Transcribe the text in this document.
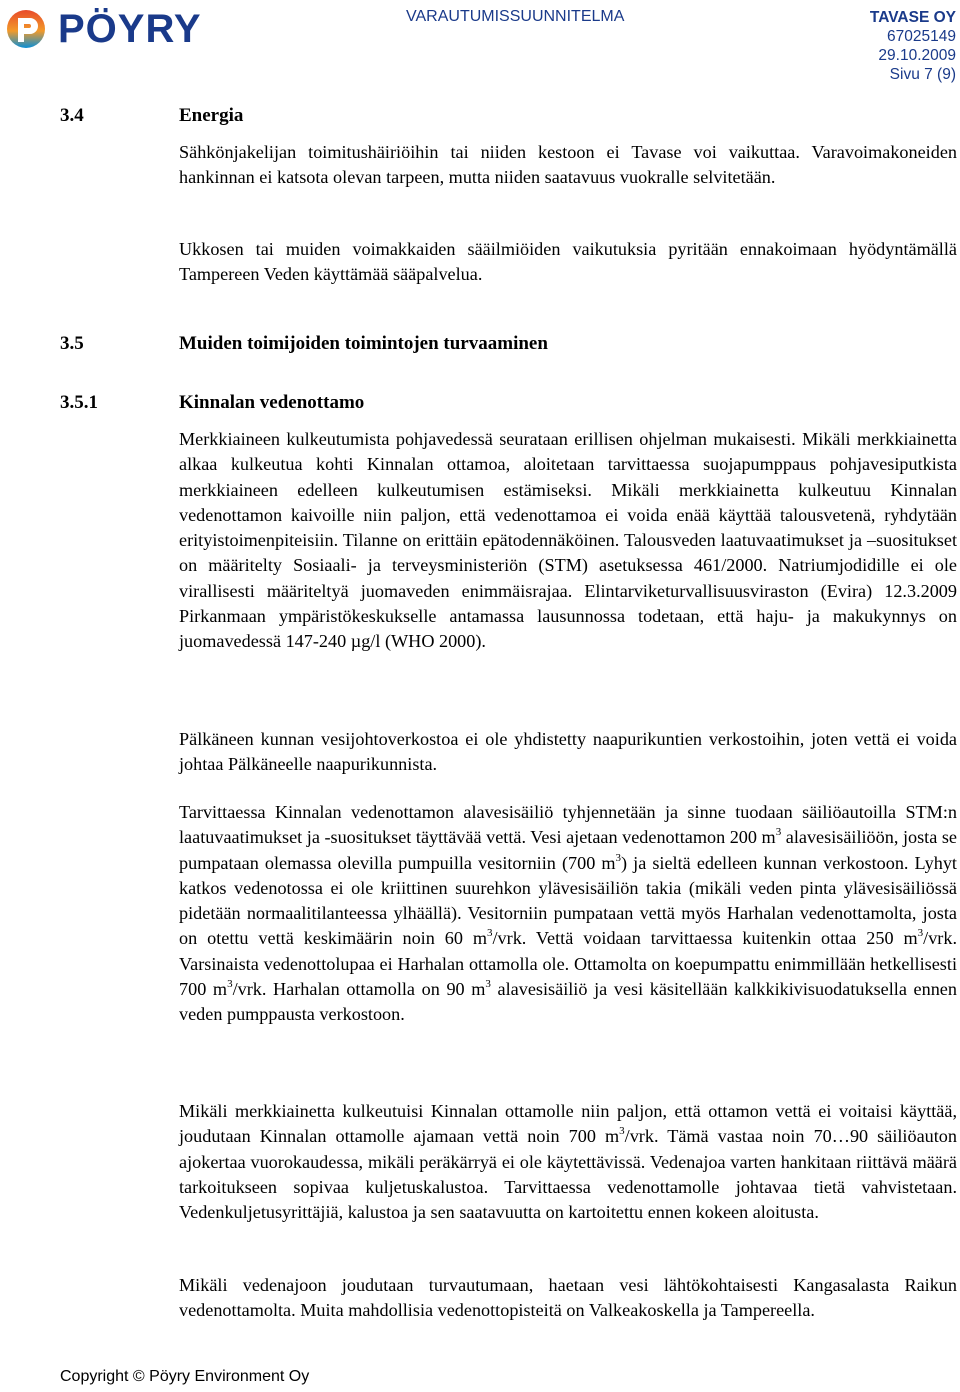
PÖYRY	VARAUTUMISSUUNNITELMA	TAVASE OY
67025149
29.10.2009
Sivu 7 (9)
3.4	Energia

Sähkönjakelijan toimitushäiriöihin tai niiden kestoon ei Tavase voi vaikuttaa. Varavoimakoneiden hankinnan ei katsota olevan tarpeen, mutta niiden saatavuus vuokralle selvitetään.

Ukkosen tai muiden voimakkaiden sääilmiöiden vaikutuksia pyritään ennakoimaan hyödyntämällä Tampereen Veden käyttämää sääpalvelua.

3.5	Muiden toimijoiden toimintojen turvaaminen
3.5.1	Kinnalan vedenottamo

Merkkiaineen kulkeutumista pohjavedessä seurataan erillisen ohjelman mukaisesti. Mikäli merkkiainetta alkaa kulkeutua kohti Kinnalan ottamoa, aloitetaan tarvittaessa suojapumppaus pohjavesiputkista merkkiaineen edelleen kulkeutumisen estämiseksi. Mikäli merkkiainetta kulkeutuu Kinnalan vedenottamon kaivoille niin paljon, että vedenottamoa ei voida enää käyttää talousvetenä, ryhdytään erityistoimenpiteisiin. Tilanne on erittäin epätodennäköinen. Talousveden laatuvaatimukset ja –suositukset on määritelty Sosiaali- ja terveysministeriön (STM) asetuksessa 461/2000. Natriumjodidille ei ole virallisesti määriteltyä juomaveden enimmäisrajaa. Elintarviketurvallisuusviraston (Evira) 12.3.2009 Pirkanmaan ympäristökeskukselle antamassa lausunnossa todetaan, että haju- ja makukynnys on juomavedessä 147-240 µg/l (WHO 2000).

Pälkäneen kunnan vesijohtoverkostoa ei ole yhdistetty naapurikuntien verkostoihin, joten vettä ei voida johtaa Pälkäneelle naapurikunnista.

Tarvittaessa Kinnalan vedenottamon alavesisäiliö tyhjennetään ja sinne tuodaan säiliöautoilla STM:n laatuvaatimukset ja -suositukset täyttävää vettä. Vesi ajetaan vedenottamon 200 $m^3$ alavesisäiliöön, josta se pumpataan olemassa olevilla pumpuilla vesitorniin (700 $m^3$) ja sieltä edelleen kunnan verkostoon. Lyhyt katkos vedenotossa ei ole kriittinen suurehkon ylävesisäiliön takia (mikäli veden pinta ylävesisäiliössä pidetään normaalitilanteessa ylhäällä). Vesitorniin pumpataan vettä myös Harhalan vedenottamolta, josta on otettu vettä keskimäärin noin 60 $m^3$/vrk. Vettä voidaan tarvittaessa kuitenkin ottaa 250 $m^3$/vrk. Varsinaista vedenottolupaa ei Harhalan ottamolla ole. Ottamolta on koepumpattu enimmillään hetkellisesti 700 $m^3$/vrk. Harhalan ottamolla on 90 $m^3$ alavesisäiliö ja vesi käsitellään kalkkikivisuodatuksella ennen veden pumppausta verkostoon.

Mikäli merkkiainetta kulkeutuisi Kinnalan ottamolle niin paljon, että ottamon vettä ei voitaisi käyttää, joudutaan Kinnalan ottamolle ajamaan vettä noin 700 $m^3$/vrk. Tämä vastaa noin 70…90 säiliöauton ajokertaa vuorokaudessa, mikäli peräkärryä ei ole käytettävissä. Vedenajoa varten hankitaan riittävä määrä tarkoitukseen sopivaa kuljetuskalustoa. Tarvittaessa vedenottamolle johtavaa tietä vahvistetaan. Vedenkuljetusyrittäjiä, kalustoa ja sen saatavuutta on kartoitettu ennen kokeen aloitusta.

Mikäli vedenajoon joudutaan turvautumaan, haetaan vesi lähtökohtaisesti Kangasalasta Raikun vedenottamolta. Muita mahdollisia vedenottopisteitä on Valkeakoskella ja Tampereella.

Copyright © Pöyry Environment Oy
